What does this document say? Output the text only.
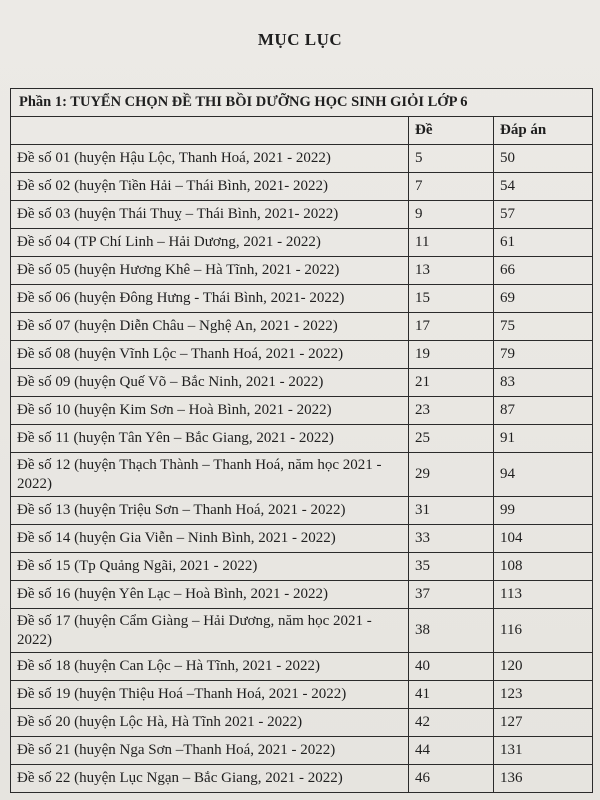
MỤC LỤC
Phần 1: TUYỂN CHỌN ĐỀ THI BỒI DƯỠNG HỌC SINH GIỎI LỚP 6		
	Đề	Đáp án
Đề số 01 (huyện Hậu Lộc, Thanh Hoá, 2021 - 2022)	5	50
Đề số 02 (huyện Tiền Hải – Thái Bình, 2021- 2022)	7	54
Đề số 03 (huyện Thái Thuỵ – Thái Bình, 2021- 2022)	9	57
Đề số 04 (TP Chí Linh – Hải Dương, 2021 - 2022)	11	61
Đề số 05 (huyện Hương Khê – Hà Tĩnh, 2021 - 2022)	13	66
Đề số 06 (huyện Đông Hưng - Thái Bình, 2021- 2022)	15	69
Đề số 07 (huyện Diễn Châu – Nghệ An, 2021 - 2022)	17	75
Đề số 08 (huyện Vĩnh Lộc – Thanh Hoá, 2021 - 2022)	19	79
Đề số 09 (huyện Quế Võ – Bắc Ninh, 2021 - 2022)	21	83
Đề số 10 (huyện Kim Sơn – Hoà Bình, 2021 - 2022)	23	87
Đề số 11 (huyện Tân Yên – Bắc Giang, 2021 - 2022)	25	91
Đề số 12 (huyện Thạch Thành – Thanh Hoá, năm học 2021 - 2022)	29	94
Đề số 13 (huyện Triệu Sơn – Thanh Hoá, 2021 - 2022)	31	99
Đề số 14 (huyện Gia Viễn – Ninh Bình, 2021 - 2022)	33	104
Đề số 15 (Tp Quảng Ngãi, 2021 - 2022)	35	108
Đề số 16 (huyện Yên Lạc – Hoà Bình, 2021 - 2022)	37	113
Đề số 17 (huyện Cẩm Giàng – Hải Dương, năm học 2021 - 2022)	38	116
Đề số 18 (huyện Can Lộc – Hà Tĩnh, 2021 - 2022)	40	120
Đề số 19 (huyện Thiệu Hoá –Thanh Hoá, 2021 - 2022)	41	123
Đề số 20 (huyện Lộc Hà, Hà Tĩnh 2021 - 2022)	42	127
Đề số 21 (huyện Nga Sơn –Thanh Hoá, 2021 - 2022)	44	131
Đề số 22 (huyện Lục Ngạn – Bắc Giang, 2021 - 2022)	46	136
